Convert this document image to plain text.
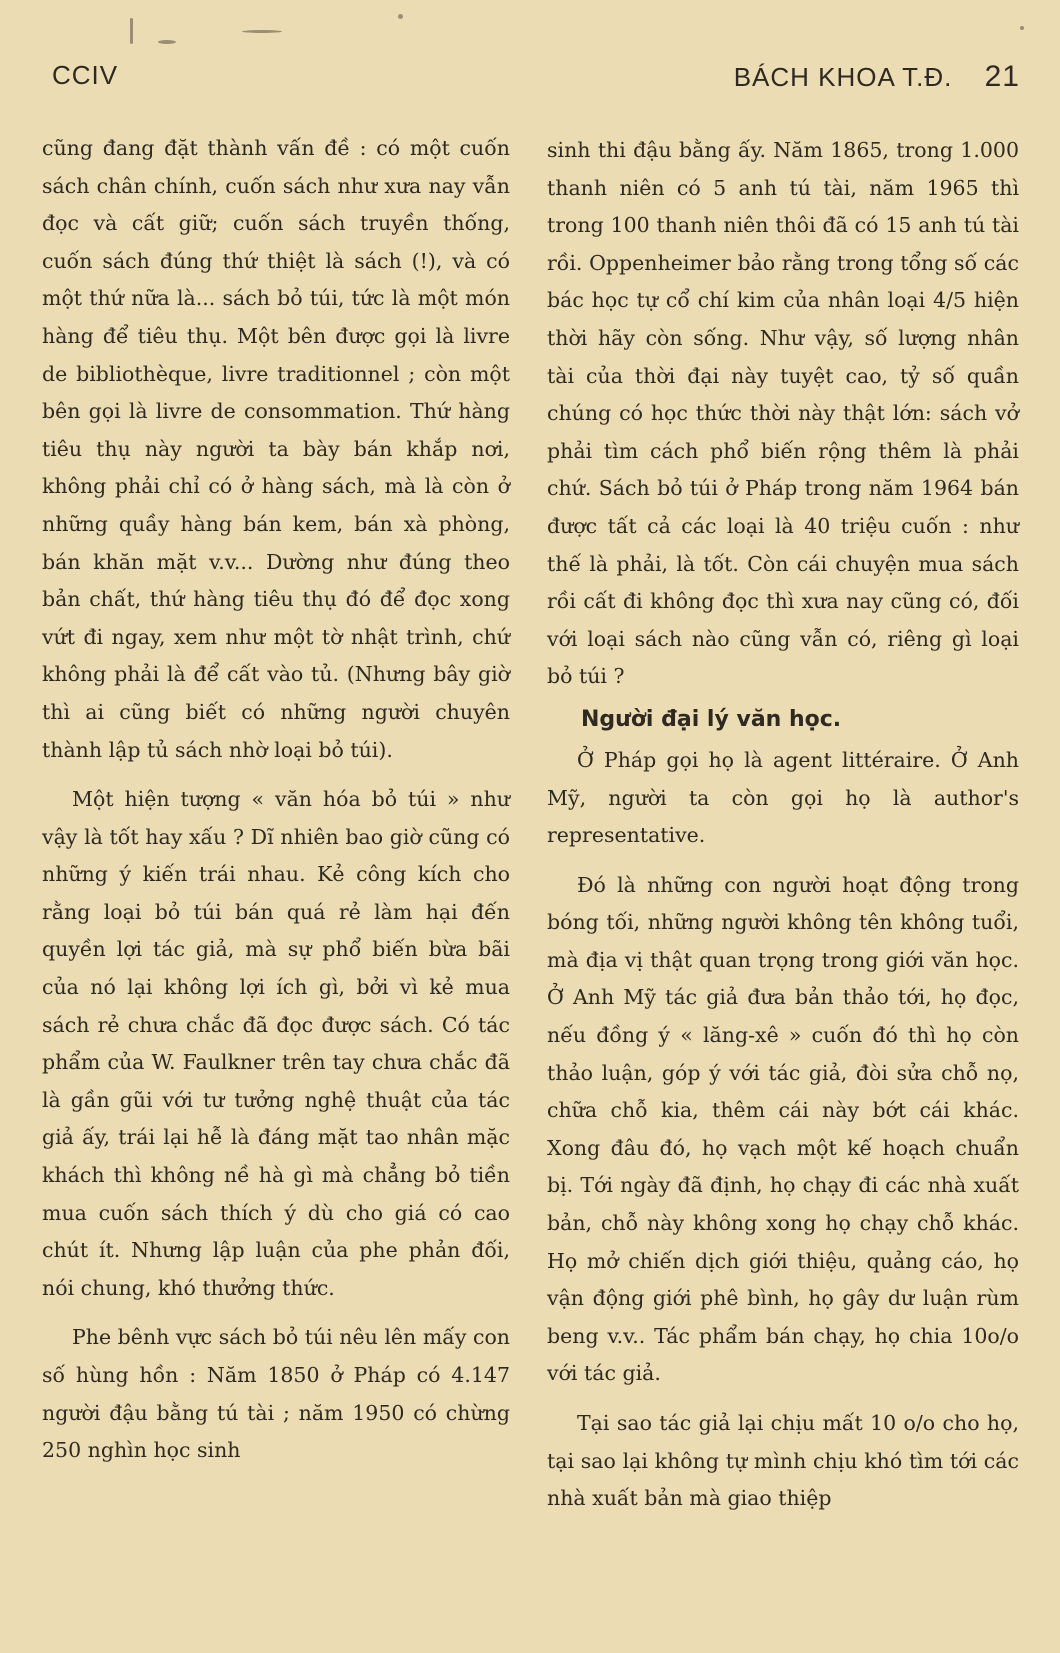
CCIV	BÁCH KHOA T.Đ. 21

cũng đang đặt thành vấn đề : có một cuốn sách chân chính, cuốn sách như xưa nay vẫn đọc và cất giữ; cuốn sách truyền thống, cuốn sách đúng thứ thiệt là sách (!), và có một thứ nữa là... sách bỏ túi, tức là một món hàng để tiêu thụ. Một bên được gọi là livre de bibliothèque, livre traditionnel ; còn một bên gọi là livre de consommation. Thứ hàng tiêu thụ này người ta bày bán khắp nơi, không phải chỉ có ở hàng sách, mà là còn ở những quầy hàng bán kem, bán xà phòng, bán khăn mặt v.v... Dường như đúng theo bản chất, thứ hàng tiêu thụ đó để đọc xong vứt đi ngay, xem như một tờ nhật trình, chứ không phải là để cất vào tủ. (Nhưng bây giờ thì ai cũng biết có những người chuyên thành lập tủ sách nhờ loại bỏ túi).

Một hiện tượng « văn hóa bỏ túi » như vậy là tốt hay xấu ? Dĩ nhiên bao giờ cũng có những ý kiến trái nhau. Kẻ công kích cho rằng loại bỏ túi bán quá rẻ làm hại đến quyền lợi tác giả, mà sự phổ biến bừa bãi của nó lại không lợi ích gì, bởi vì kẻ mua sách rẻ chưa chắc đã đọc được sách. Có tác phẩm của W. Faulkner trên tay chưa chắc đã là gần gũi với tư tưởng nghệ thuật của tác giả ấy, trái lại hễ là đáng mặt tao nhân mặc khách thì không nề hà gì mà chẳng bỏ tiền mua cuốn sách thích ý dù cho giá có cao chút ít. Nhưng lập luận của phe phản đối, nói chung, khó thưởng thức.

Phe bênh vực sách bỏ túi nêu lên mấy con số hùng hồn : Năm 1850 ở Pháp có 4.147 người đậu bằng tú tài ; năm 1950 có chừng 250 nghìn học sinh

sinh thi đậu bằng ấy. Năm 1865, trong 1.000 thanh niên có 5 anh tú tài, năm 1965 thì trong 100 thanh niên thôi đã có 15 anh tú tài rồi. Oppenheimer bảo rằng trong tổng số các bác học tự cổ chí kim của nhân loại 4/5 hiện thời hãy còn sống. Như vậy, số lượng nhân tài của thời đại này tuyệt cao, tỷ số quần chúng có học thức thời này thật lớn: sách vở phải tìm cách phổ biến rộng thêm là phải chứ. Sách bỏ túi ở Pháp trong năm 1964 bán được tất cả các loại là 40 triệu cuốn : như thế là phải, là tốt. Còn cái chuyện mua sách rồi cất đi không đọc thì xưa nay cũng có, đối với loại sách nào cũng vẫn có, riêng gì loại bỏ túi ?

Người đại lý văn học.

Ở Pháp gọi họ là agent littéraire. Ở Anh Mỹ, người ta còn gọi họ là author's representative.

Đó là những con người hoạt động trong bóng tối, những người không tên không tuổi, mà địa vị thật quan trọng trong giới văn học. Ở Anh Mỹ tác giả đưa bản thảo tới, họ đọc, nếu đồng ý « lăng-xê » cuốn đó thì họ còn thảo luận, góp ý với tác giả, đòi sửa chỗ nọ, chữa chỗ kia, thêm cái này bớt cái khác. Xong đâu đó, họ vạch một kế hoạch chuẩn bị. Tới ngày đã định, họ chạy đi các nhà xuất bản, chỗ này không xong họ chạy chỗ khác. Họ mở chiến dịch giới thiệu, quảng cáo, họ vận động giới phê bình, họ gây dư luận rùm beng v.v.. Tác phẩm bán chạy, họ chia 10o/o với tác giả.

Tại sao tác giả lại chịu mất 10 o/o cho họ, tại sao lại không tự mình chịu khó tìm tới các nhà xuất bản mà giao thiệp
